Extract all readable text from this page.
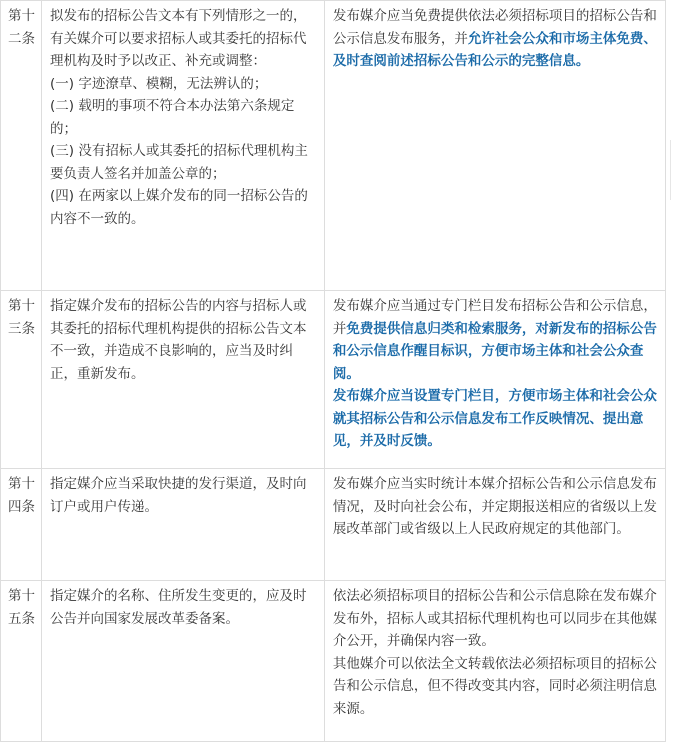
第十二条	拟发布的招标公告文本有下列情形之一的，有关媒介可以要求招标人或其委托的招标代理机构及时予以改正、补充或调整：
(一) 字迹潦草、模糊，无法辨认的；
(二) 载明的事项不符合本办法第六条规定的；
(三) 没有招标人或其委托的招标代理机构主要负责人签名并加盖公章的；
(四) 在两家以上媒介发布的同一招标公告的内容不一致的。	发布媒介应当免费提供依法必须招标项目的招标公告和公示信息发布服务，并允许社会公众和市场主体免费、及时查阅前述招标公告和公示的完整信息。
第十三条	指定媒介发布的招标公告的内容与招标人或其委托的招标代理机构提供的招标公告文本不一致，并造成不良影响的，应当及时纠正，重新发布。	发布媒介应当通过专门栏目发布招标公告和公示信息，并免费提供信息归类和检索服务，对新发布的招标公告和公示信息作醒目标识，方便市场主体和社会公众查阅。
发布媒介应当设置专门栏目，方便市场主体和社会公众就其招标公告和公示信息发布工作反映情况、提出意见，并及时反馈。

第十四条	指定媒介应当采取快捷的发行渠道，及时向订户或用户传递。	发布媒介应当实时统计本媒介招标公告和公示信息发布情况，及时向社会公布，并定期报送相应的省级以上发展改革部门或省级以上人民政府规定的其他部门。

第十五条	指定媒介的名称、住所发生变更的，应及时公告并向国家发展改革委备案。	依法必须招标项目的招标公告和公示信息除在发布媒介发布外，招标人或其招标代理机构也可以同步在其他媒介公开，并确保内容一致。
其他媒介可以依法全文转载依法必须招标项目的招标公告和公示信息，但不得改变其内容，同时必须注明信息来源。
